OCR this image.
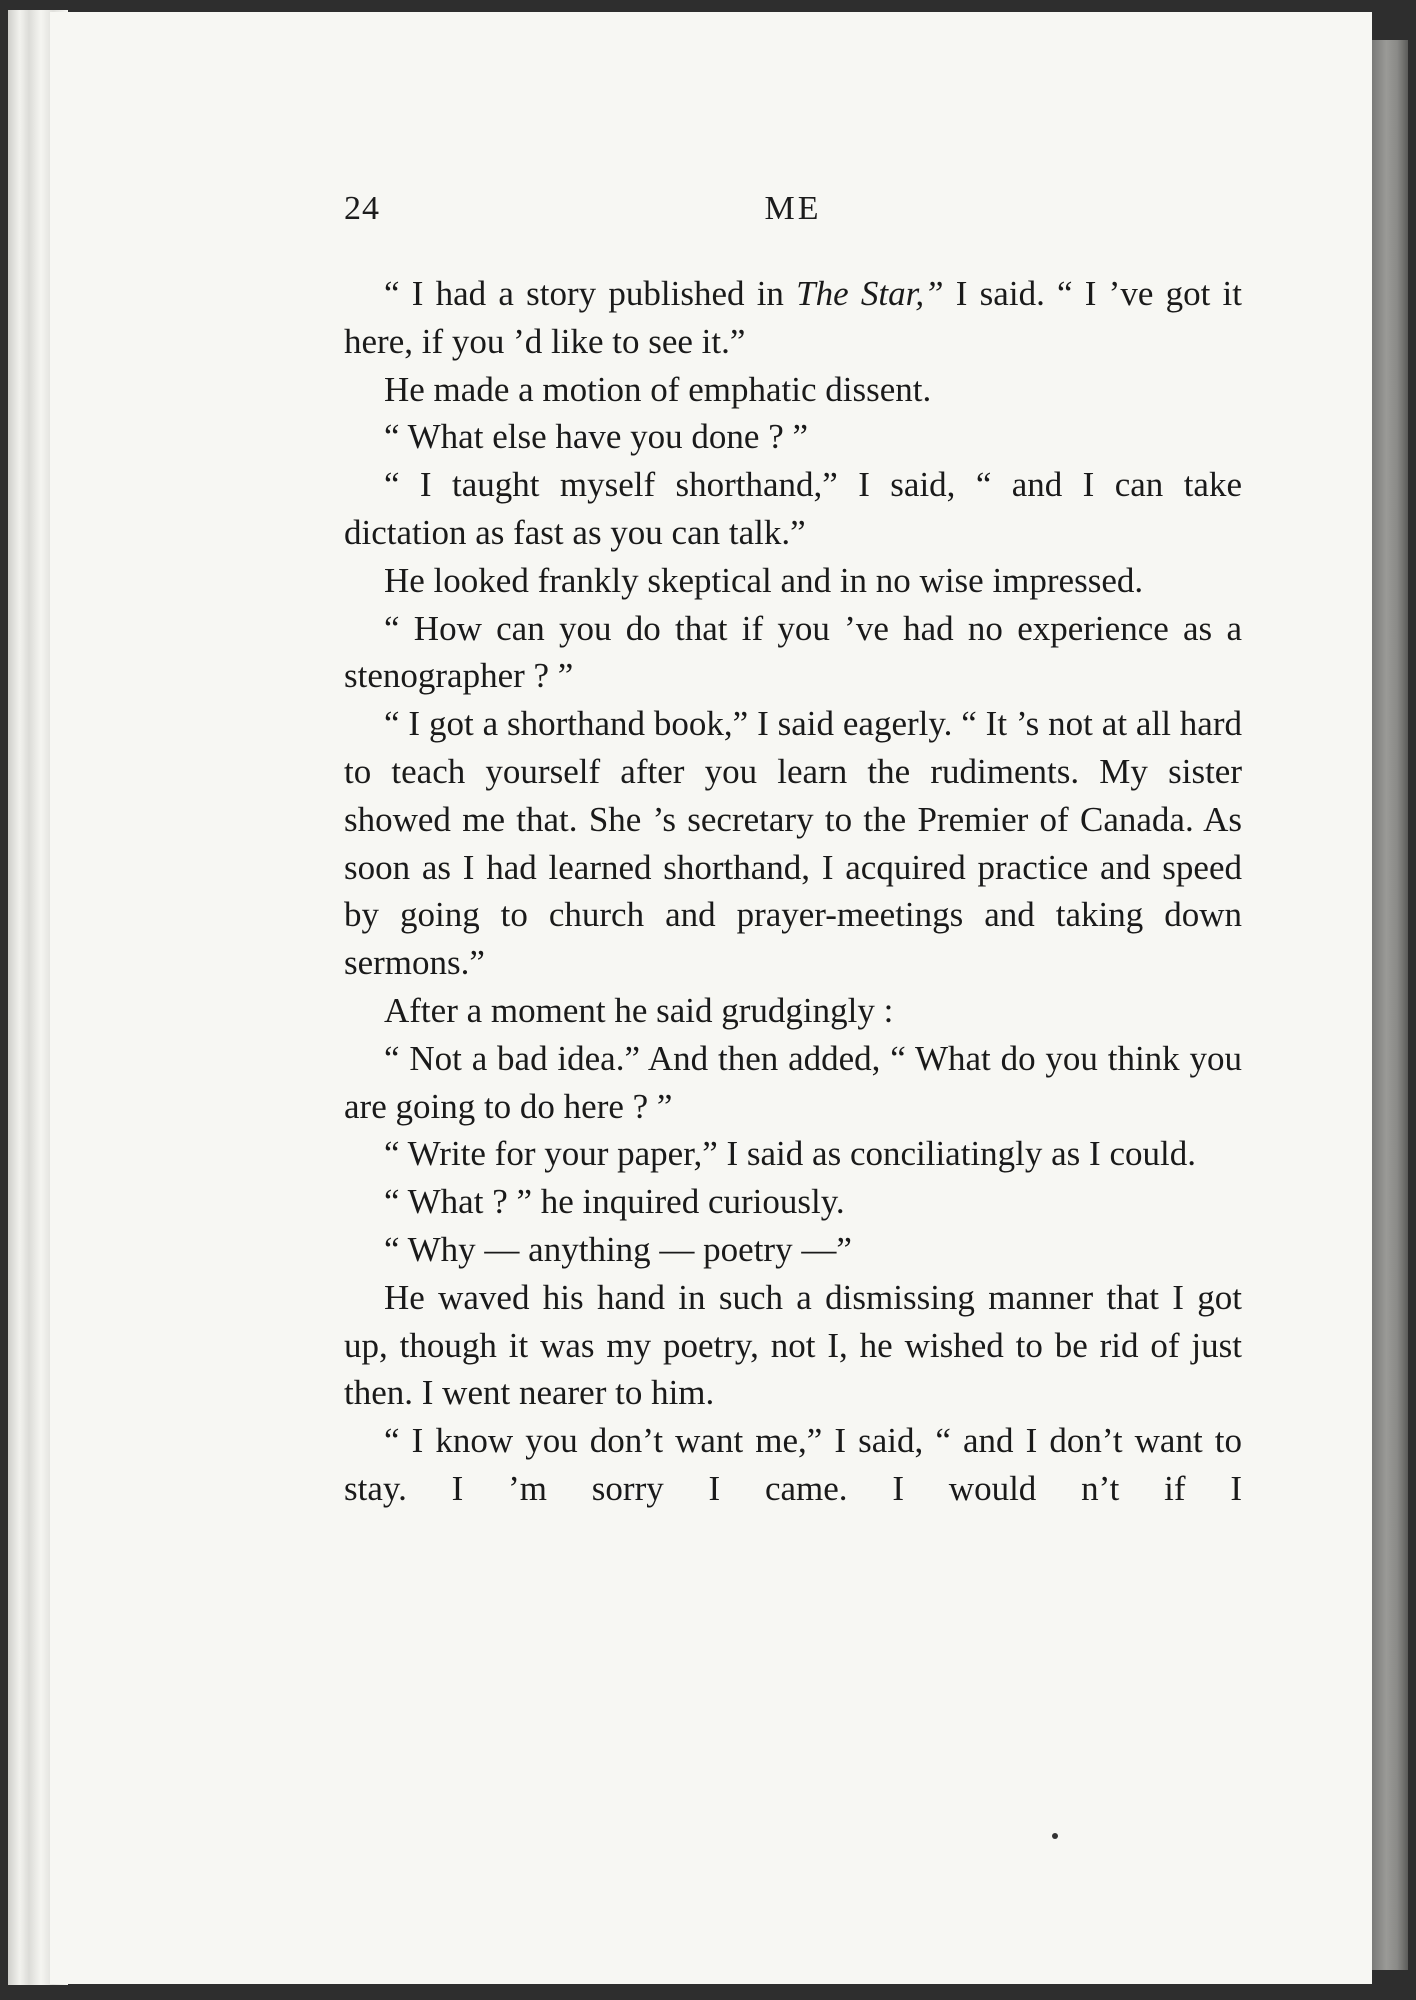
24	ME

“ I had a story published in The Star,” I said. “ I ’ve got it here, if you ’d like to see it.”

He made a motion of emphatic dissent.

“ What else have you done ? ”

“ I taught myself shorthand,” I said, “ and I can take dictation as fast as you can talk.”

He looked frankly skeptical and in no wise impressed.

“ How can you do that if you ’ve had no experience as a stenographer ? ”

“ I got a shorthand book,” I said eagerly. “ It ’s not at all hard to teach yourself after you learn the rudiments. My sister showed me that. She ’s secretary to the Premier of Canada. As soon as I had learned shorthand, I acquired practice and speed by going to church and prayer-meetings and taking down sermons.”

After a moment he said grudgingly :

“ Not a bad idea.” And then added, “ What do you think you are going to do here ? ”

“ Write for your paper,” I said as conciliatingly as I could.

“ What ? ” he inquired curiously.

“ Why — anything — poetry —”

He waved his hand in such a dismissing manner that I got up, though it was my poetry, not I, he wished to be rid of just then. I went nearer to him.

“ I know you don’t want me,” I said, “ and I don’t want to stay. I ’m sorry I came. I would n’t if I
